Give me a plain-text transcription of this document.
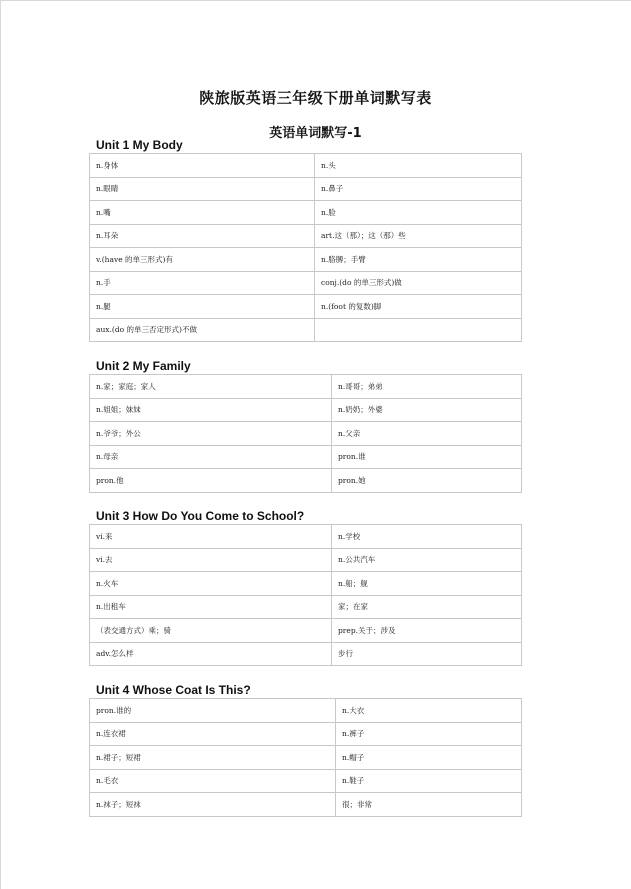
陕旅版英语三年级下册单词默写表
英语单词默写-1
Unit 1 My Body
n.身体	n.头
n.眼睛	n.鼻子
n.嘴	n.脸
n.耳朵	art.这（那）；这（那）些
v.(have 的单三形式)有	n.胳膊；手臂
n.手	conj.(do 的单三形式)做
n.腿	n.(foot 的复数)脚
aux.(do 的单三否定形式)不做	
Unit 2 My Family
n.家；家庭；家人	n.哥哥；弟弟
n.姐姐；妹妹	n.奶奶；外婆
n.爷爷；外公	n.父亲
n.母亲	pron.谁
pron.他	pron.她
Unit 3 How Do You Come to School?
vi.来	n.学校
vi.去	n.公共汽车
n.火车	n.船；舰
n.出租车	家；在家
（表交通方式）乘；骑	prep.关于；涉及
adv.怎么样	步行
Unit 4 Whose Coat Is This?
pron.谁的	n.大衣
n.连衣裙	n.裤子
n.裙子；短裙	n.帽子
n.毛衣	n.鞋子
n.袜子；短袜	很；非常
